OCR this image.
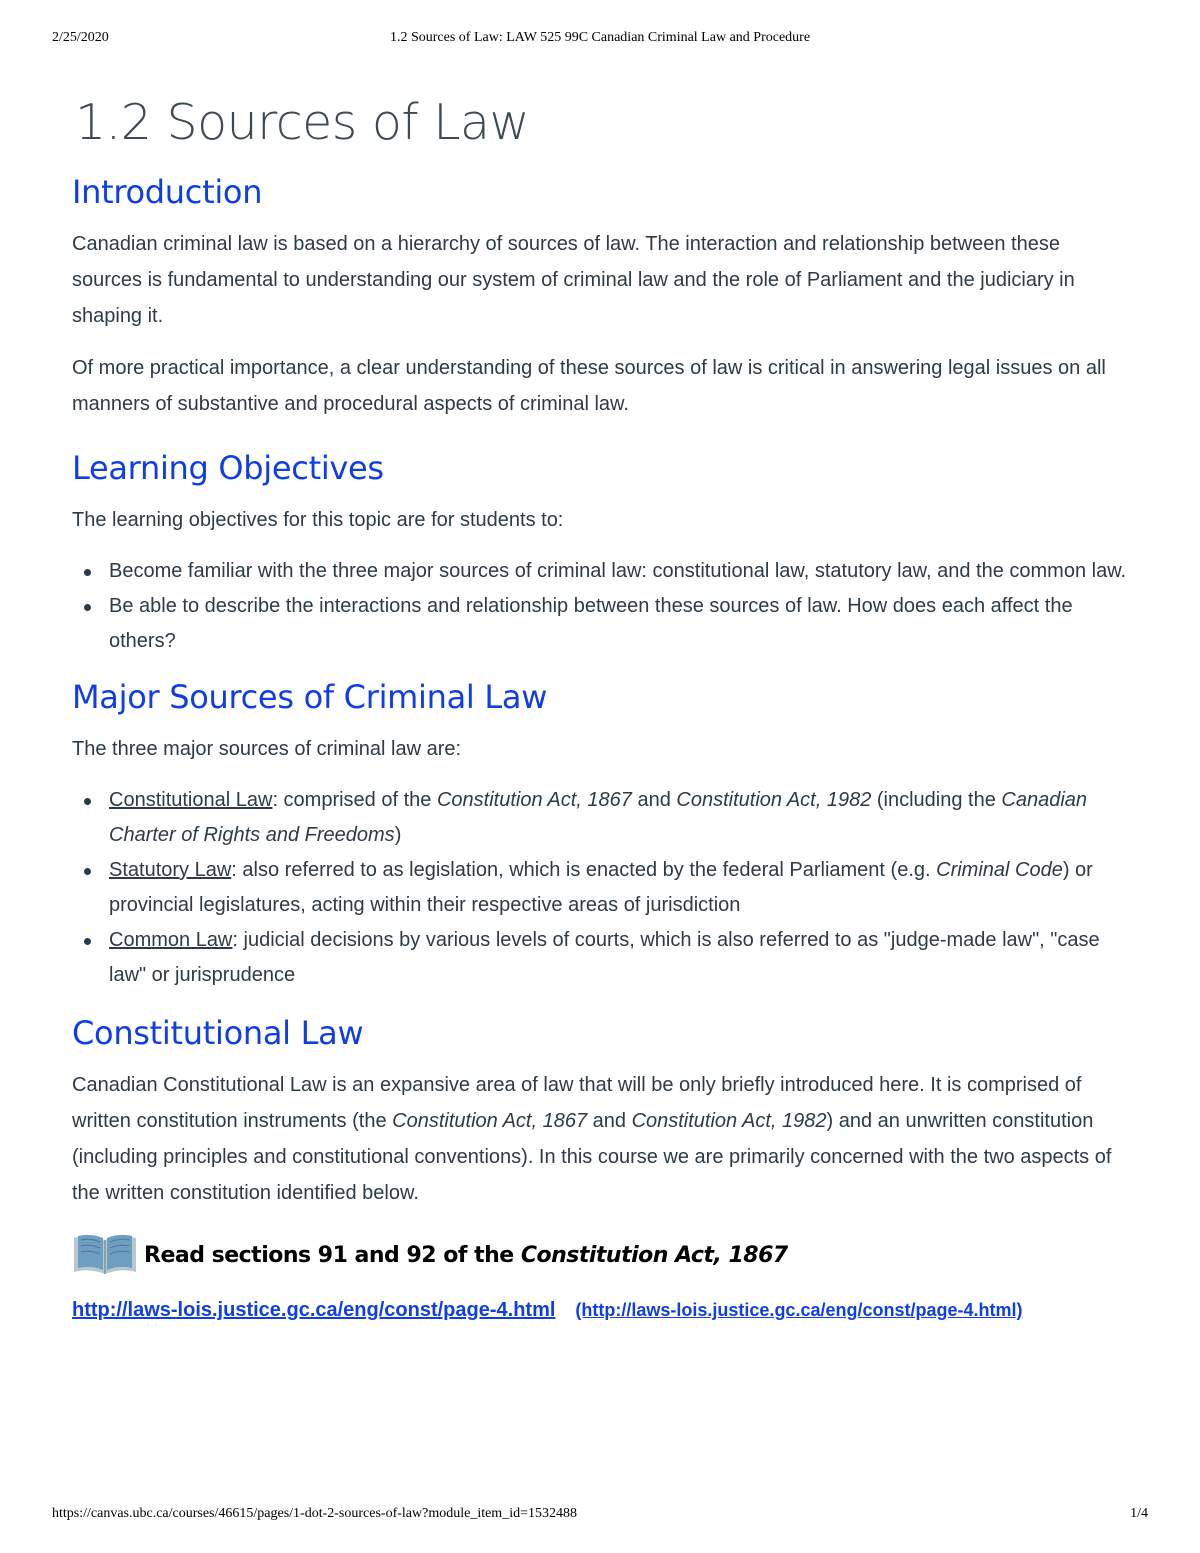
2/25/2020	1.2 Sources of Law: LAW 525 99C Canadian Criminal Law and Procedure
1.2 Sources of Law
Introduction

Canadian criminal law is based on a hierarchy of sources of law. The interaction and relationship between these sources is fundamental to understanding our system of criminal law and the role of Parliament and the judiciary in shaping it.

Of more practical importance, a clear understanding of these sources of law is critical in answering legal issues on all manners of substantive and procedural aspects of criminal law.

Learning Objectives

The learning objectives for this topic are for students to:

Become familiar with the three major sources of criminal law: constitutional law, statutory law, and the common law.
Be able to describe the interactions and relationship between these sources of law. How does each affect the others?
Major Sources of Criminal Law

The three major sources of criminal law are:

Constitutional Law: comprised of the Constitution Act, 1867 and Constitution Act, 1982 (including the Canadian Charter of Rights and Freedoms)
Statutory Law: also referred to as legislation, which is enacted by the federal Parliament (e.g. Criminal Code) or provincial legislatures, acting within their respective areas of jurisdiction
Common Law: judicial decisions by various levels of courts, which is also referred to as "judge-made law", "case law" or jurisprudence
Constitutional Law

Canadian Constitutional Law is an expansive area of law that will be only briefly introduced here. It is comprised of written constitution instruments (the Constitution Act, 1867 and Constitution Act, 1982) and an unwritten constitution (including principles and constitutional conventions). In this course we are primarily concerned with the two aspects of the written constitution identified below.

Read sections 91 and 92 of the Constitution Act, 1867
http://laws-lois.justice.gc.ca/eng/const/page-4.html (http://laws-lois.justice.gc.ca/eng/const/page-4.html)
https://canvas.ubc.ca/courses/46615/pages/1-dot-2-sources-of-law?module_item_id=1532488	1/4
